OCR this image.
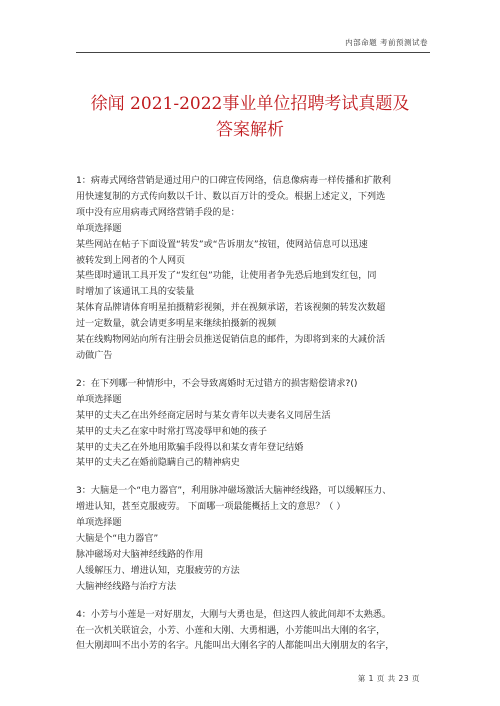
内部命题 考前预测试卷
徐闻 2021-2022事业单位招聘考试真题及
答案解析
1：病毒式网络营销是通过用户的口碑宣传网络，信息像病毒一样传播和扩散利
用快速复制的方式传向数以千计、数以百万计的受众。根据上述定义，下列选
项中没有应用病毒式网络营销手段的是：
单项选择题
某些网站在帖子下面设置“转发”或“告诉朋友”按钮，使网站信息可以迅速
被转发到上网者的个人网页
某些即时通讯工具开发了“发红包”功能，让使用者争先恐后地到发红包，同
时增加了该通讯工具的安装量
某体育品牌请体育明星拍摄精彩视频，并在视频承诺，若该视频的转发次数超
过一定数量，就会请更多明星来继续拍摄新的视频
某在线购物网站向所有注册会员推送促销信息的邮件，为即将到来的大减价活
动做广告
2：在下列哪一种情形中，不会导致离婚时无过错方的损害赔偿请求?()
单项选择题
某甲的丈夫乙在出外经商定居时与某女青年以夫妻名义同居生活
某甲的丈夫乙在家中时常打骂凌辱甲和她的孩子
某甲的丈夫乙在外地用欺骗手段得以和某女青年登记结婚
某甲的丈夫乙在婚前隐瞒自己的精神病史
3：大脑是一个“电力器官”，利用脉冲磁场激活大脑神经线路，可以缓解压力、
增进认知，甚至克服疲劳。 下面哪一项最能概括上文的意思？（ ）
单项选择题
大脑是个“电力器官”
脉冲磁场对大脑神经线路的作用
人缓解压力、增进认知，克服疲劳的方法
大脑神经线路与治疗方法
4：小芳与小莲是一对好朋友，大刚与大勇也是，但这四人彼此间却不太熟悉。
在一次机关联谊会，小芳、小莲和大刚、大勇相遇，小芳能叫出大刚的名字，
但大刚却叫不出小芳的名字。凡能叫出大刚名字的人都能叫出大刚朋友的名字，
第 1 页 共 23 页
